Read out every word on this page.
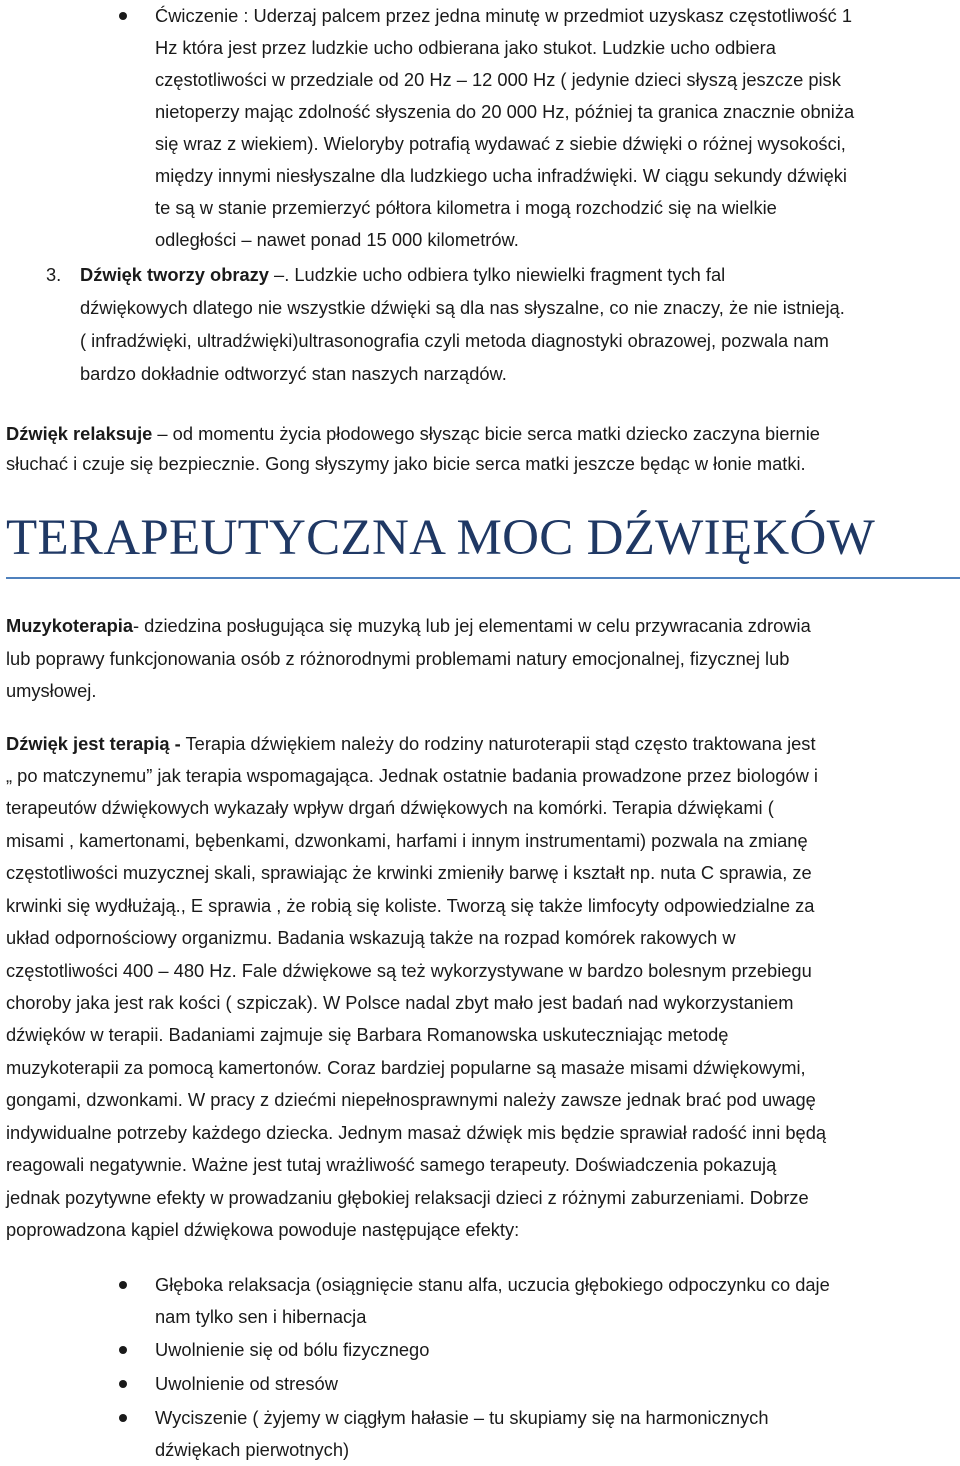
Ćwiczenie : Uderzaj palcem przez jedna minutę w przedmiot uzyskasz częstotliwość 1
Hz która jest przez ludzkie ucho odbierana jako stukot. Ludzkie ucho odbiera
częstotliwości w przedziale od 20 Hz – 12 000 Hz ( jedynie dzieci słyszą jeszcze pisk
nietoperzy mając zdolność słyszenia do 20 000 Hz, później ta granica znacznie obniża
się wraz z wiekiem). Wieloryby potrafią wydawać z siebie dźwięki o różnej wysokości,
między innymi niesłyszalne dla ludzkiego ucha infradźwięki. W ciągu sekundy dźwięki
te są w stanie przemierzyć półtora kilometra i mogą rozchodzić się na wielkie
odległości – nawet ponad 15 000 kilometrów.
3. Dźwięk tworzy obrazy –. Ludzkie ucho odbiera tylko niewielki fragment tych fal
dźwiękowych dlatego nie wszystkie dźwięki są dla nas słyszalne, co nie znaczy, że nie istnieją.
( infradźwięki, ultradźwięki)ultrasonografia czyli metoda diagnostyki obrazowej, pozwala nam
bardzo dokładnie odtworzyć stan naszych narządów.
Dźwięk relaksuje – od momentu życia płodowego słysząc bicie serca matki dziecko zaczyna biernie
słuchać i czuje się bezpiecznie. Gong słyszymy jako bicie serca matki jeszcze będąc w łonie matki.
TERAPEUTYCZNA MOC DŹWIĘKÓW
Muzykoterapia- dziedzina posługująca się muzyką lub jej elementami w celu przywracania zdrowia
lub poprawy funkcjonowania osób z różnorodnymi problemami natury emocjonalnej, fizycznej lub
umysłowej.
Dźwięk jest terapią - Terapia dźwiękiem należy do rodziny naturoterapii stąd często traktowana jest
„ po matczynemu” jak terapia wspomagająca. Jednak ostatnie badania prowadzone przez biologów i
terapeutów dźwiękowych wykazały wpływ drgań dźwiękowych na komórki. Terapia dźwiękami (
misami , kamertonami, bębenkami, dzwonkami, harfami i innym instrumentami) pozwala na zmianę
częstotliwości muzycznej skali, sprawiając że krwinki zmieniły barwę i kształt np. nuta C sprawia, ze
krwinki się wydłużają., E sprawia , że robią się koliste. Tworzą się także limfocyty odpowiedzialne za
układ odpornościowy organizmu. Badania wskazują także na rozpad komórek rakowych w
częstotliwości 400 – 480 Hz. Fale dźwiękowe są też wykorzystywane w bardzo bolesnym przebiegu
choroby jaka jest rak kości ( szpiczak). W Polsce nadal zbyt mało jest badań nad wykorzystaniem
dźwięków w terapii. Badaniami zajmuje się Barbara Romanowska uskuteczniając metodę
muzykoterapii za pomocą kamertonów. Coraz bardziej popularne są masaże misami dźwiękowymi,
gongami, dzwonkami. W pracy z dziećmi niepełnosprawnymi należy zawsze jednak brać pod uwagę
indywidualne potrzeby każdego dziecka. Jednym masaż dźwięk mis będzie sprawiał radość inni będą
reagowali negatywnie. Ważne jest tutaj wrażliwość samego terapeuty. Doświadczenia pokazują
jednak pozytywne efekty w prowadzaniu głębokiej relaksacji dzieci z różnymi zaburzeniami. Dobrze
poprowadzona kąpiel dźwiękowa powoduje następujące efekty:
Głęboka relaksacja (osiągnięcie stanu alfa, uczucia głębokiego odpoczynku co daje
nam tylko sen i hibernacja
Uwolnienie się od bólu fizycznego
Uwolnienie od stresów
Wyciszenie ( żyjemy w ciągłym hałasie – tu skupiamy się na harmonicznych
dźwiękach pierwotnych)
